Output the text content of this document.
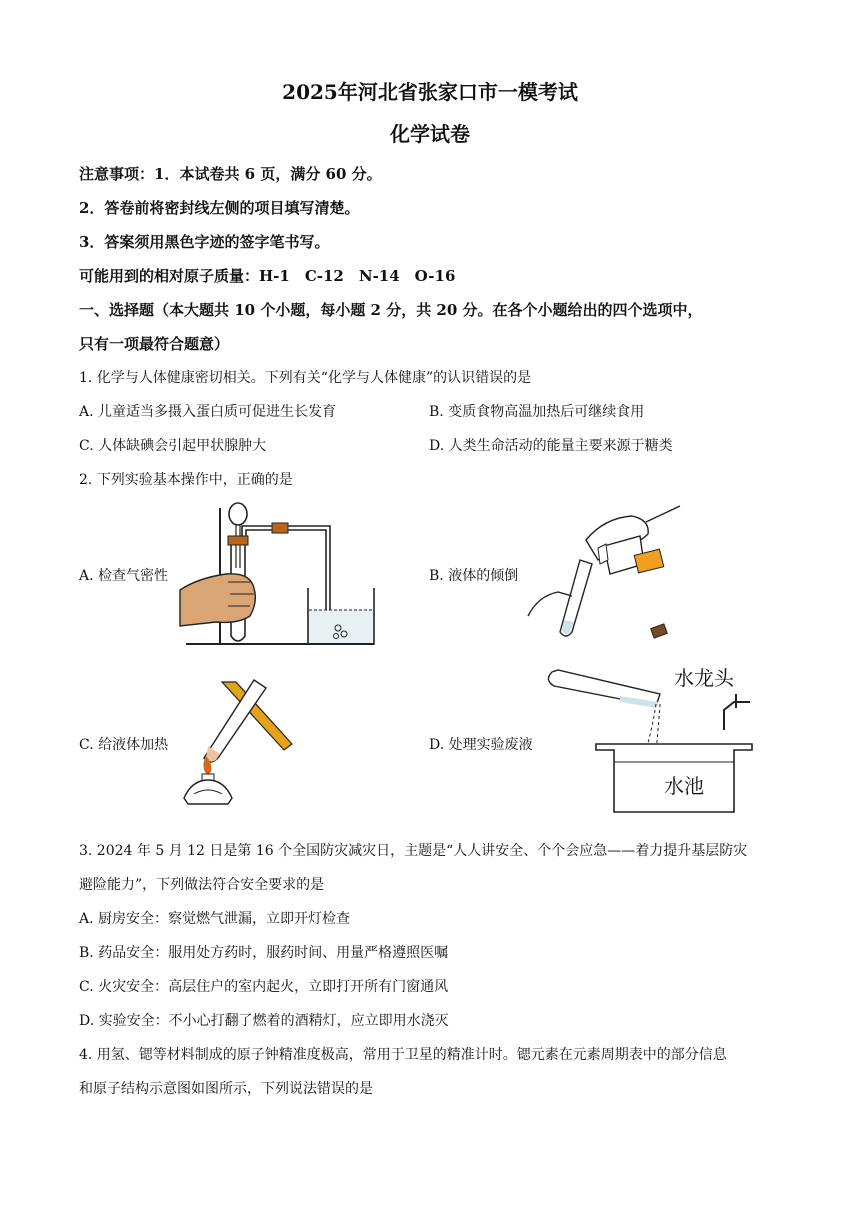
2025年河北省张家口市一模考试
化学试卷
注意事项：1．本试卷共 6 页，满分 60 分。
2．答卷前将密封线左侧的项目填写清楚。
3．答案须用黑色字迹的签字笔书写。
可能用到的相对原子质量：H-1　C-12　N-14　O-16
一、选择题（本大题共 10 个小题，每小题 2 分，共 20 分。在各个小题给出的四个选项中，
只有一项最符合题意）
1. 化学与人体健康密切相关。下列有关“化学与人体健康”的认识错误的是
A. 儿童适当多摄入蛋白质可促进生长发育	B. 变质食物高温加热后可继续食用
C. 人体缺碘会引起甲状腺肿大	D. 人类生命活动的能量主要来源于糖类
2. 下列实验基本操作中，正确的是
A. 检查气密性	B. 液体的倾倒
C. 给液体加热	D. 处理实验废液
水龙头
水池
3. 2024 年 5 月 12 日是第 16 个全国防灾减灾日，主题是“人人讲安全、个个会应急——着力提升基层防灾
避险能力”，下列做法符合安全要求的是
A. 厨房安全：察觉燃气泄漏，立即开灯检查
B. 药品安全：服用处方药时，服药时间、用量严格遵照医嘱
C. 火灾安全：高层住户的室内起火，立即打开所有门窗通风
D. 实验安全：不小心打翻了燃着的酒精灯，应立即用水浇灭
4. 用氢、锶等材料制成的原子钟精准度极高，常用于卫星的精准计时。锶元素在元素周期表中的部分信息
和原子结构示意图如图所示，下列说法错误的是
